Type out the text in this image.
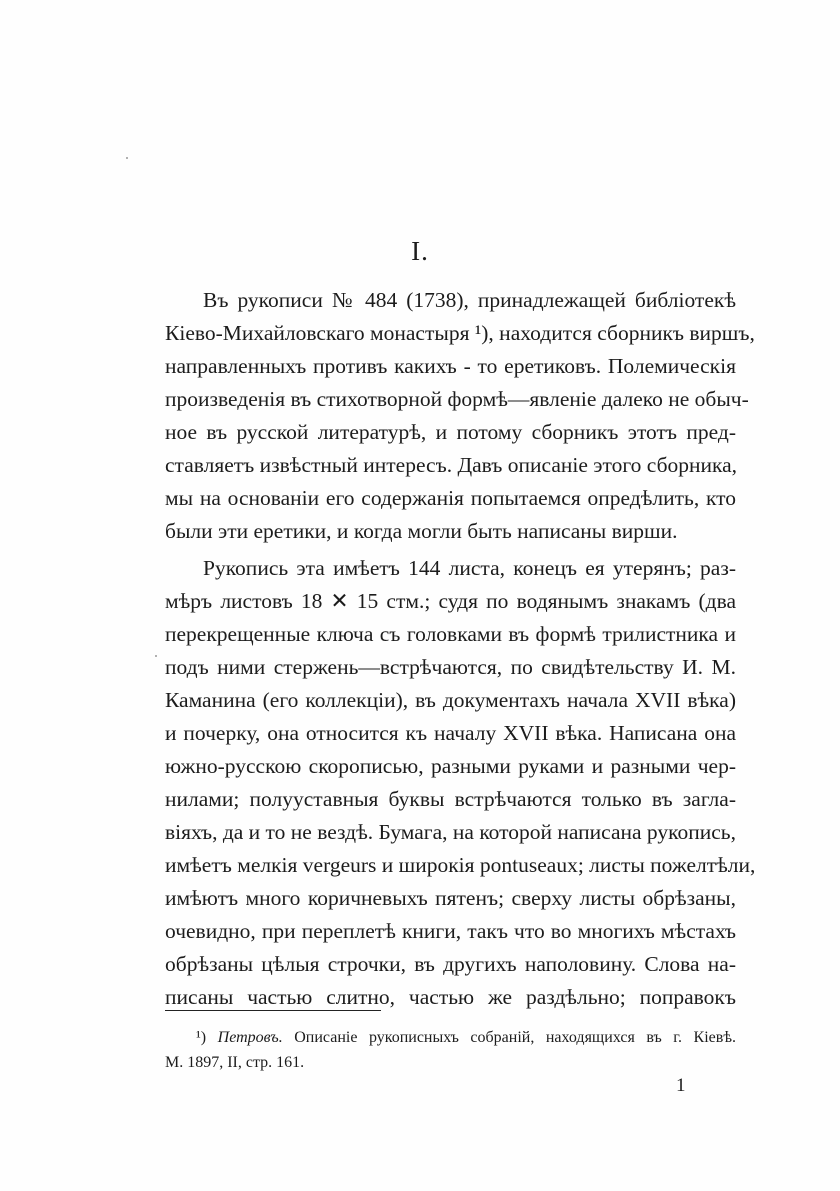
I.
Въ рукописи № 484 (1738), принадлежащей библіотекѣ
Кіево-Михайловскаго монастыря ¹), находится сборникъ виршъ,
направленныхъ противъ какихъ - то еретиковъ. Полемическія
произведенія въ стихотворной формѣ—явленіе далеко не обыч-
ное въ русской литературѣ, и потому сборникъ этотъ пред-
ставляетъ извѣстный интересъ. Давъ описаніе этого сборника,
мы на основаніи его содержанія попытаемся опредѣлить, кто
были эти еретики, и когда могли быть написаны вирши.
Рукопись эта имѣетъ 144 листа, конецъ ея утерянъ; раз-
мѣръ листовъ 18 ✕ 15 стм.; судя по водянымъ знакамъ (два
перекрещенные ключа съ головками въ формѣ трилистника и
подъ ними стержень—встрѣчаются, по свидѣтельству И. М.
Каманина (его коллекціи), въ документахъ начала XVII вѣка)
и почерку, она относится къ началу XVII вѣка. Написана она
южно-русскою скорописью, разными руками и разными чер-
нилами; полууставныя буквы встрѣчаются только въ загла-
віяхъ, да и то не вездѣ. Бумага, на которой написана рукопись,
имѣетъ мелкія vergeurs и широкія pontuseaux; листы пожелтѣли,
имѣютъ много коричневыхъ пятенъ; сверху листы обрѣзаны,
очевидно, при переплетѣ книги, такъ что во многихъ мѣстахъ
обрѣзаны цѣлыя строчки, въ другихъ наполовину. Слова на-
писаны частью слитно, частью же раздѣльно; поправокъ
¹) Петровъ. Описаніе рукописныхъ собраній, находящихся въ г. Кіевѣ.
М. 1897, II, стр. 161.
1
